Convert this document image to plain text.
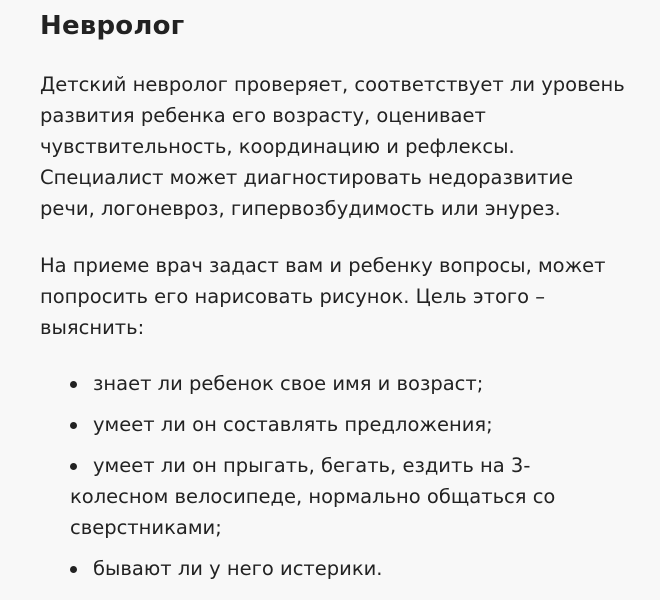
Невролог

Детский невролог проверяет, соответствует ли уровень развития ребенка его возрасту, оценивает чувствительность, координацию и рефлексы. Специалист может диагностировать недоразвитие речи, логоневроз, гипервозбудимость или энурез.

На приеме врач задаст вам и ребенку вопросы, может попросить его нарисовать рисунок. Цель этого – выяснить:

знает ли ребенок свое имя и возраст;
умеет ли он составлять предложения;
умеет ли он прыгать, бегать, ездить на 3-колесном велосипеде, нормально общаться со сверстниками;
бывают ли у него истерики.
